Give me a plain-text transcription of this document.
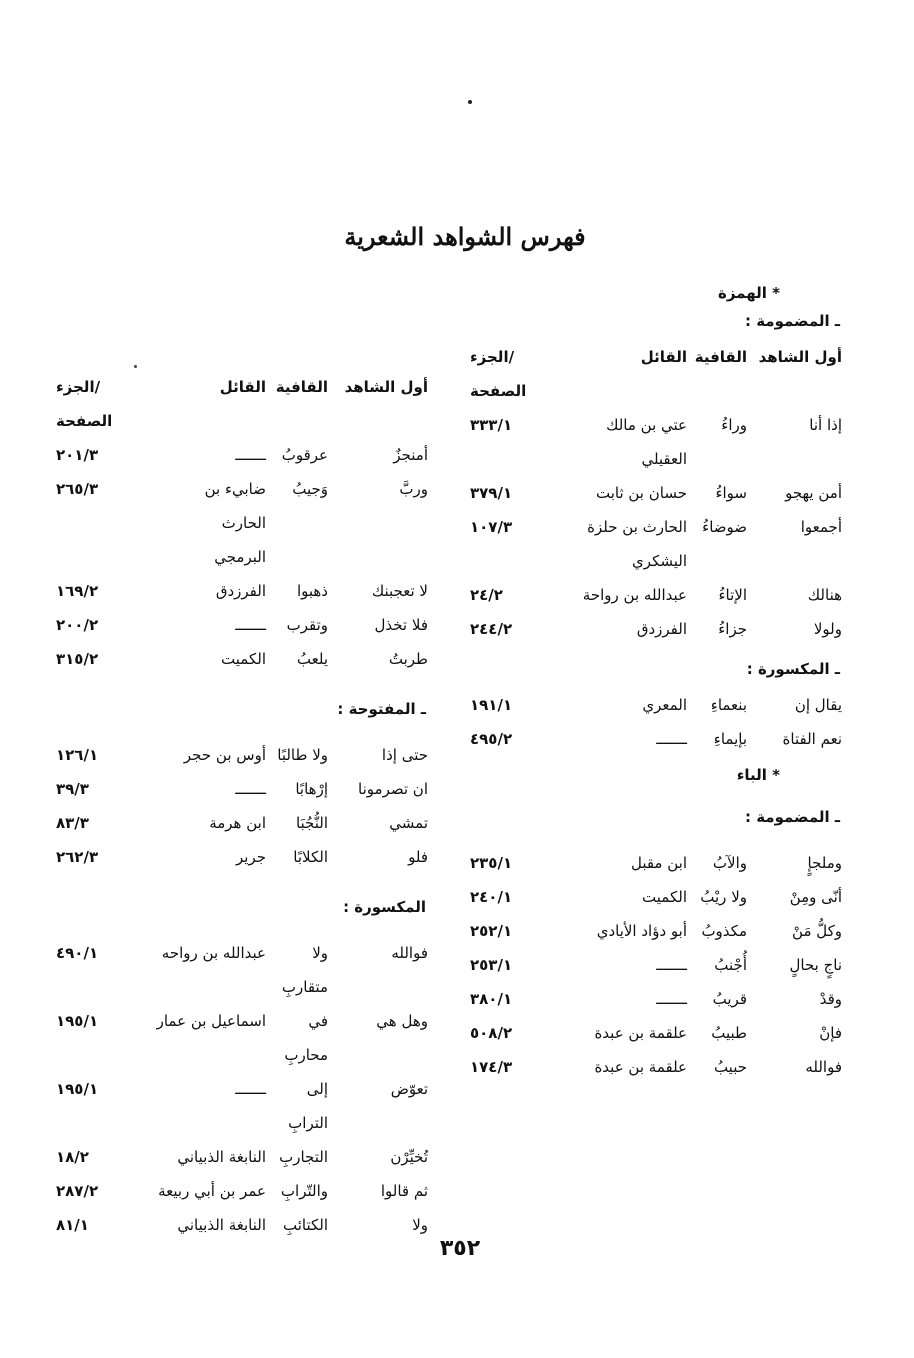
فهرس الشواهد الشعرية
* الهمزة
ـ المضمومة :
أول الشاهد
القافية
القائل
الجزء/
الصفحة
إذا أنا
وراءُ
عتي بن مالك
٣٣٣/١
العقيلي
أمن يهجو
سواءُ
حسان بن ثابت
٣٧٩/١
أجمعوا
ضوضاءُ
الحارث بن حلزة
١٠٧/٣
اليشكري
هنالك
الإتاءُ
عبدالله بن رواحة
٢٤/٢
ولولا
جزاءُ
الفرزدق
٢٤٤/٢
ـ المكسورة :
يقال إن
بنعماءِ
المعري
١٩١/١
نعم الفتاة
بإيماءِ
ـــــــ
٤٩٥/٢
* الباء
ـ المضمومة :
وملجإٍ
والآبُ
ابن مقبل
٢٣٥/١
أنّى ومِنْ
ولا ريْبُ
الكميت
٢٤٠/١
وكلُّ مَنْ
مكذوبُ
أبو دؤاد الأيادي
٢٥٢/١
ناجٍ بحالٍ
أُجْنبُ
ـــــــ
٢٥٣/١
وقدْ
قريبُ
ـــــــ
٣٨٠/١
فإنْ
طبيبُ
علقمة بن عبدة
٥٠٨/٢
فوالله
حبيبُ
علقمة بن عبدة
١٧٤/٣
أول الشاهد
القافية
القائل
الجزء/
الصفحة
أمنجزٌ
عرقوبُ
ـــــــ
٢٠١/٣
وربَّ
وَجيبُ
ضابيء بن
٢٦٥/٣
الحارث
البرمجي
لا تعجبنك
ذهبوا
الفرزدق
١٦٩/٢
فلا تخذل
وتقرب
ـــــــ
٢٠٠/٢
طربتُ
يلعبُ
الكميت
٣١٥/٢
ـ المفتوحة :
حتى إذا
ولا طالبًا
أوس بن حجر
١٢٦/١
ان تصرمونا
إرْهابًا
ـــــــ
٣٩/٣
تمشي
النُّجُبَا
ابن هرمة
٨٣/٣
فلو
الكلابًا
جرير
٢٦٢/٣
المكسورة :
فوالله
ولا متقاربِ
عبدالله بن رواحه
٤٩٠/١
وهل هي
في محاربِ
اسماعيل بن عمار
١٩٥/١
تعوّض
إلى الترابِ
ـــــــ
١٩٥/١
تُخيِّرْن
التجاربِ
النابغة الذبياني
١٨/٢
ثم قالوا
والتّرابِ
عمر بن أبي ربيعة
٢٨٧/٢
ولا
الكتائبِ
النابغة الذبياني
٨١/١
٣٥٢
